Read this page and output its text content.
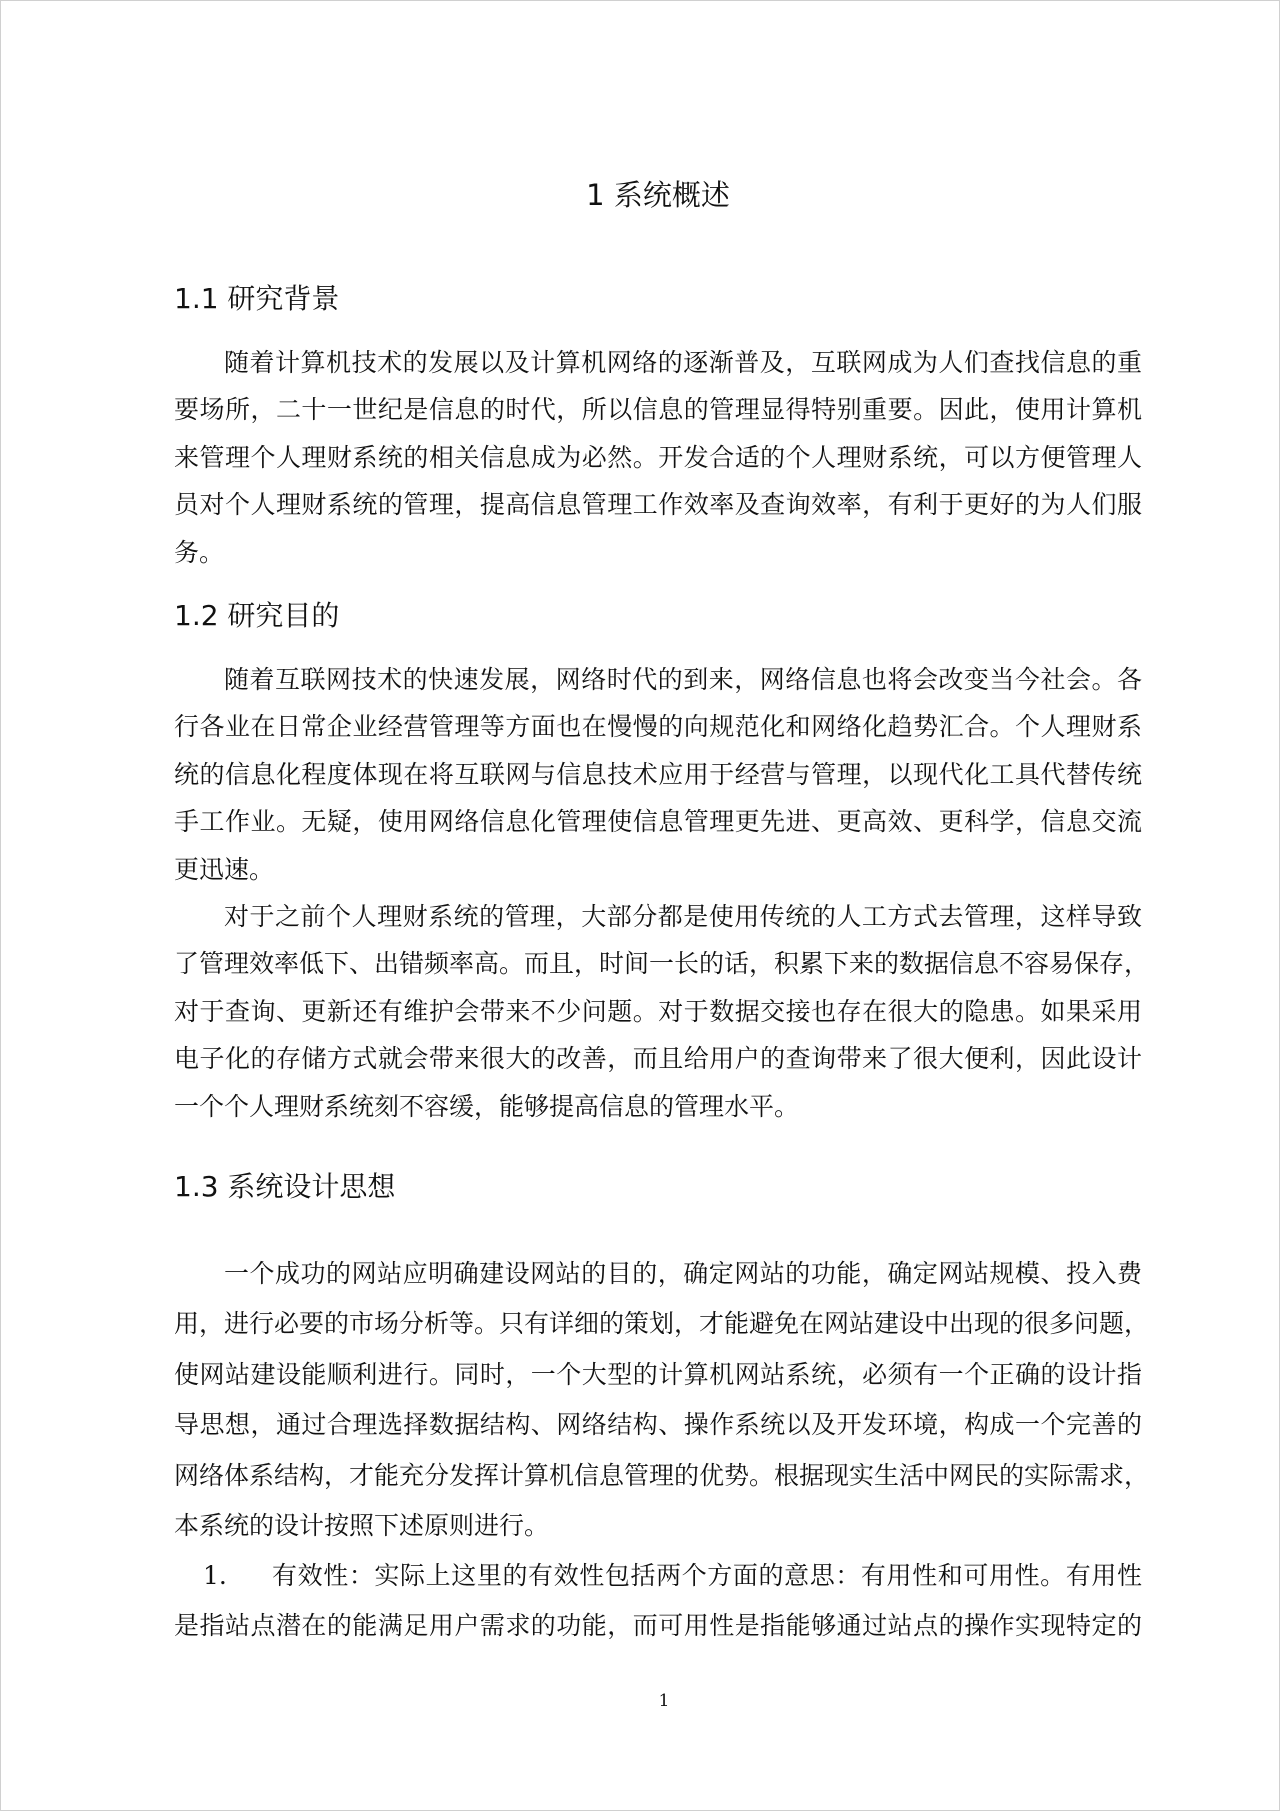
1 系统概述
1.1 研究背景
随着计算机技术的发展以及计算机网络的逐渐普及，互联网成为人们查找信息的重
要场所，二十一世纪是信息的时代，所以信息的管理显得特别重要。因此，使用计算机
来管理个人理财系统的相关信息成为必然。开发合适的个人理财系统，可以方便管理人
员对个人理财系统的管理，提高信息管理工作效率及查询效率，有利于更好的为人们服
务。
1.2 研究目的
随着互联网技术的快速发展，网络时代的到来，网络信息也将会改变当今社会。各
行各业在日常企业经营管理等方面也在慢慢的向规范化和网络化趋势汇合。个人理财系
统的信息化程度体现在将互联网与信息技术应用于经营与管理，以现代化工具代替传统
手工作业。无疑，使用网络信息化管理使信息管理更先进、更高效、更科学，信息交流
更迅速。
对于之前个人理财系统的管理，大部分都是使用传统的人工方式去管理，这样导致
了管理效率低下、出错频率高。而且，时间一长的话，积累下来的数据信息不容易保存，
对于查询、更新还有维护会带来不少问题。对于数据交接也存在很大的隐患。如果采用
电子化的存储方式就会带来很大的改善，而且给用户的查询带来了很大便利，因此设计
一个个人理财系统刻不容缓，能够提高信息的管理水平。
1.3 系统设计思想
一个成功的网站应明确建设网站的目的，确定网站的功能，确定网站规模、投入费
用，进行必要的市场分析等。只有详细的策划，才能避免在网站建设中出现的很多问题，
使网站建设能顺利进行。同时，一个大型的计算机网站系统，必须有一个正确的设计指
导思想，通过合理选择数据结构、网络结构、操作系统以及开发环境，构成一个完善的
网络体系结构，才能充分发挥计算机信息管理的优势。根据现实生活中网民的实际需求，
本系统的设计按照下述原则进行。
1.	有效性：实际上这里的有效性包括两个方面的意思：有用性和可用性。有用性
是指站点潜在的能满足用户需求的功能，而可用性是指能够通过站点的操作实现特定的
1
